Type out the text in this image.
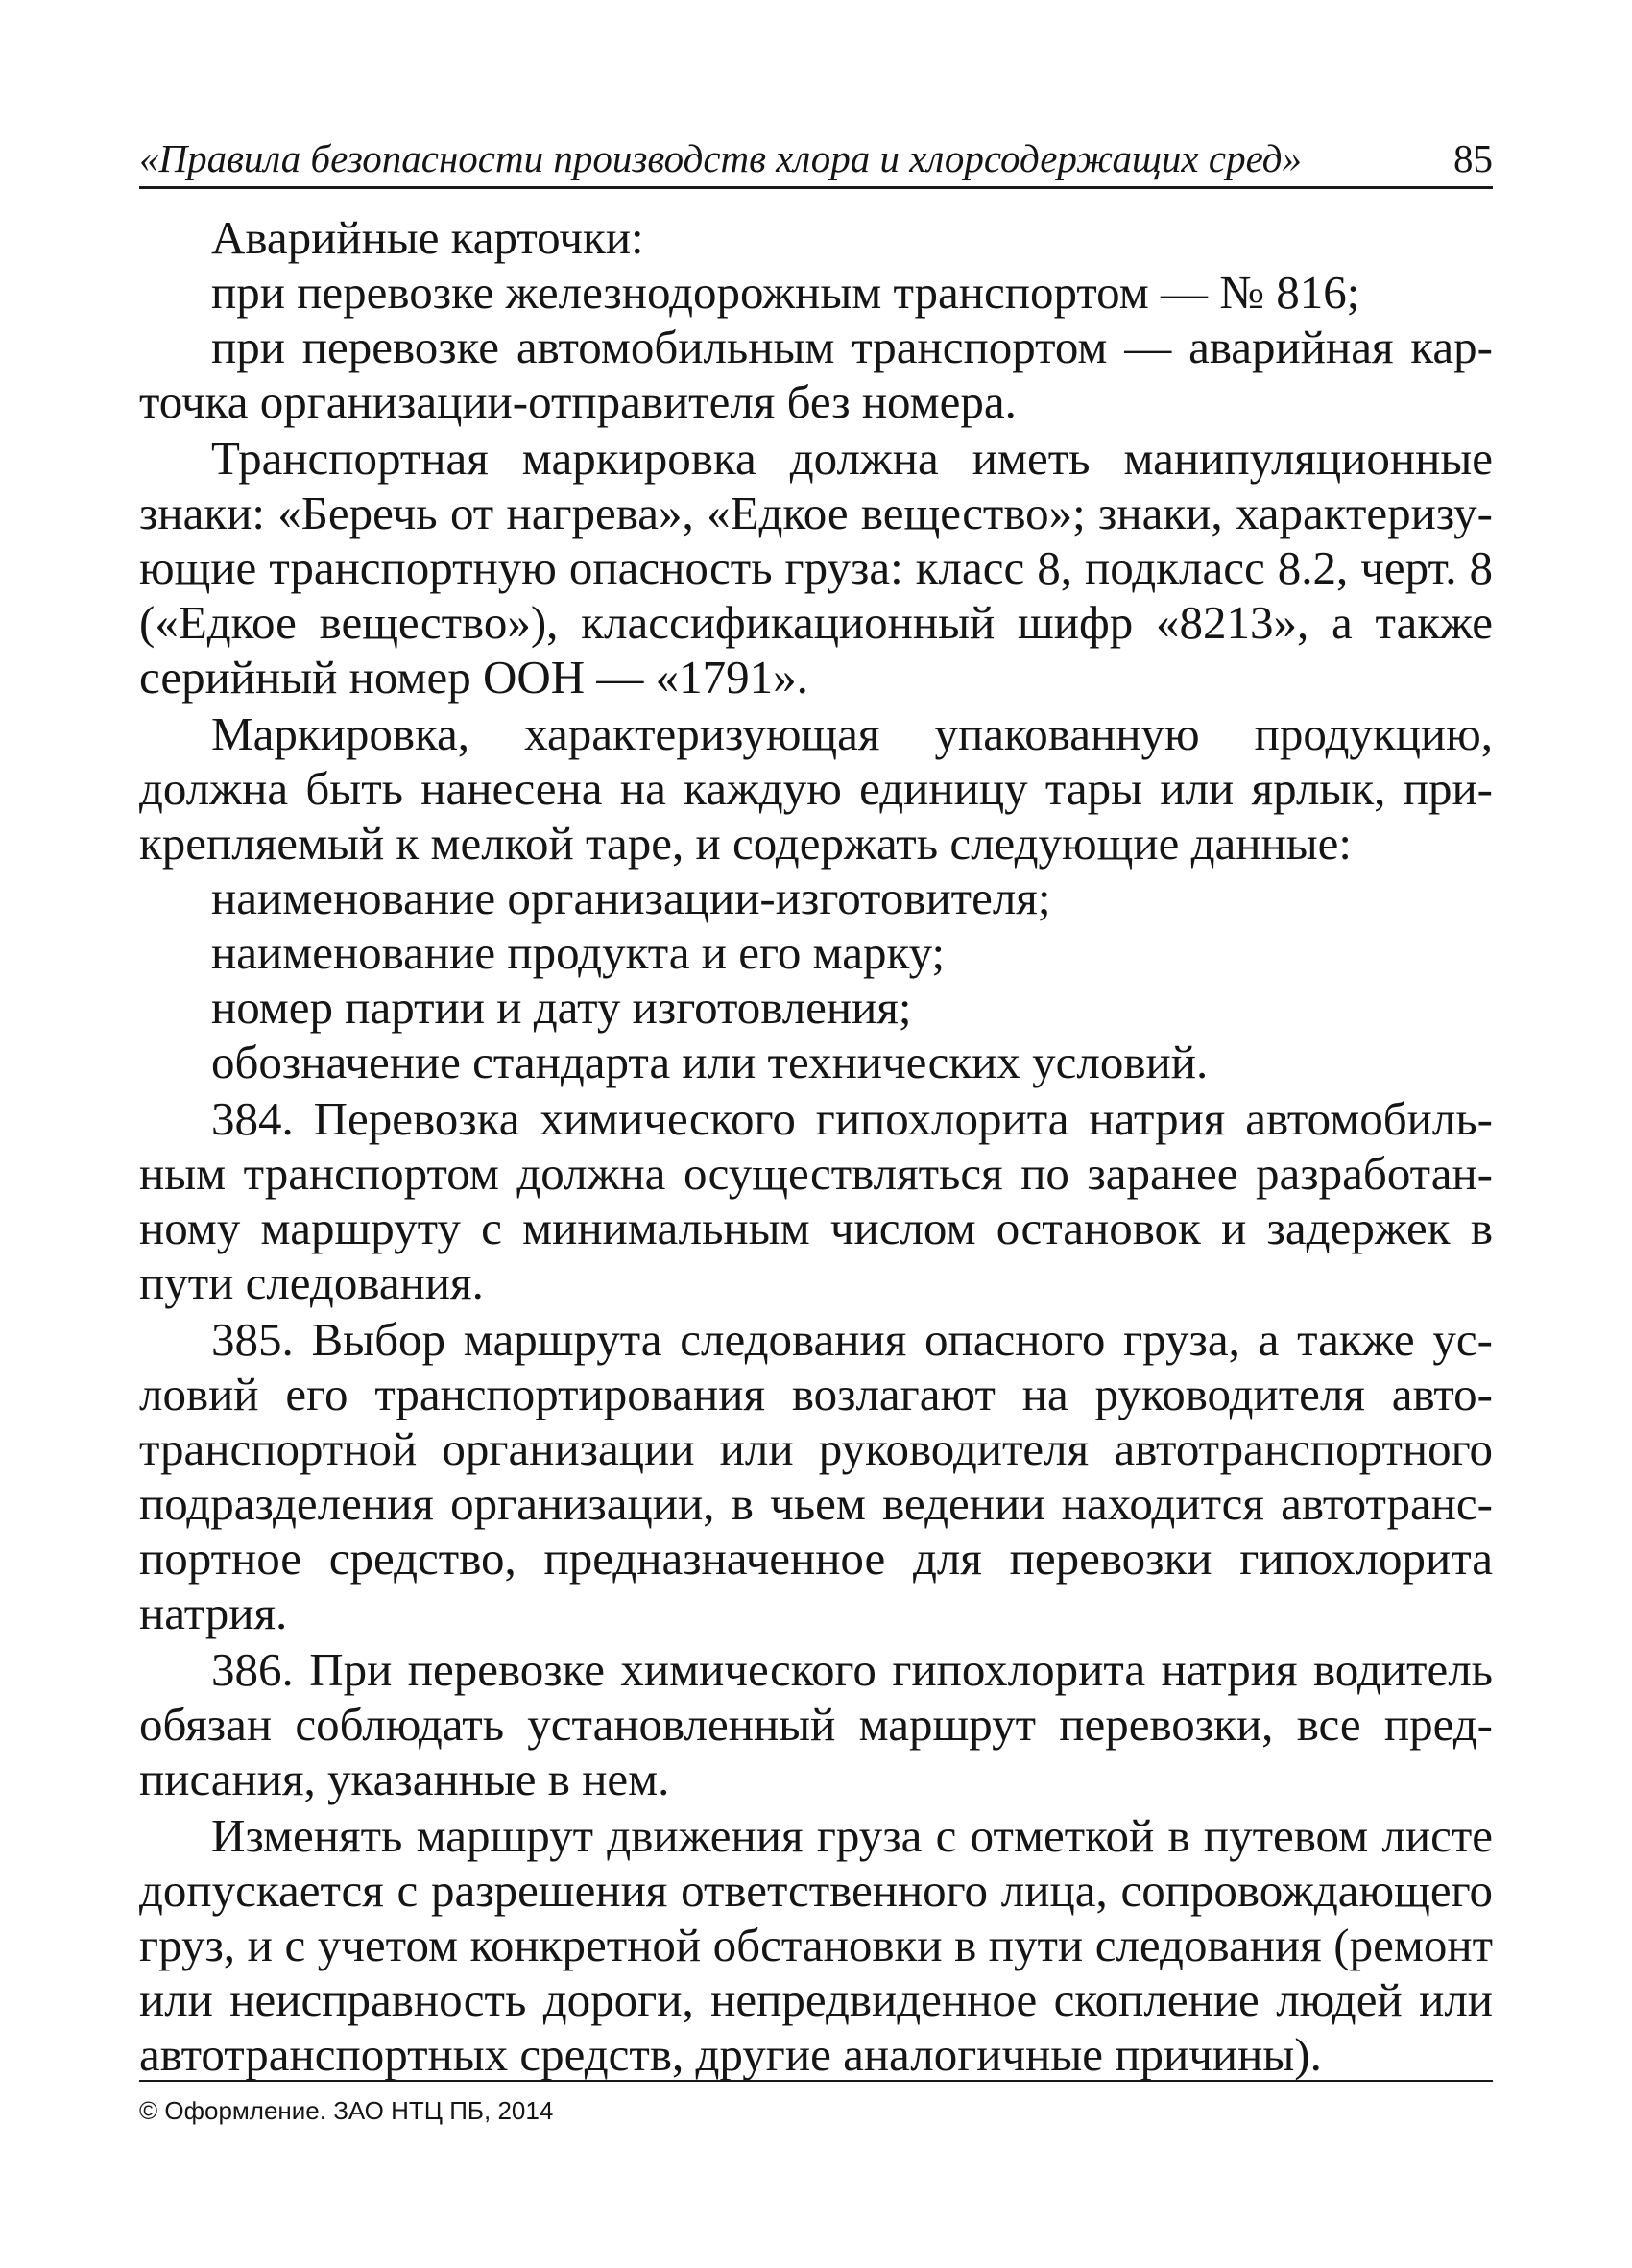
«Правила безопасности производств хлора и хлорсодержащих сред»	85

Аварийные карточки:

при перевозке железнодорожным транспортом — № 816;

при перевозке автомобильным транспортом — аварийная карточка организации-отправителя без номера.

Транспортная маркировка должна иметь манипуляционные знаки: «Беречь от нагрева», «Едкое вещество»; знаки, характеризующие транспортную опасность груза: класс 8, подкласс 8.2, черт. 8 («Едкое вещество»), классификационный шифр «8213», а также серийный номер ООН — «1791».

Маркировка, характеризующая упакованную продукцию, должна быть нанесена на каждую единицу тары или ярлык, прикрепляемый к мелкой таре, и содержать следующие данные:

наименование организации-изготовителя;

наименование продукта и его марку;

номер партии и дату изготовления;

обозначение стандарта или технических условий.

384. Перевозка химического гипохлорита натрия автомобильным транспортом должна осуществляться по заранее разработанному маршруту с минимальным числом остановок и задержек в пути следования.

385. Выбор маршрута следования опасного груза, а также условий его транспортирования возлагают на руководителя автотранспортной организации или руководителя автотранспортного подразделения организации, в чьем ведении находится автотранспортное средство, предназначенное для перевозки гипохлорита натрия.

386. При перевозке химического гипохлорита натрия водитель обязан соблюдать установленный маршрут перевозки, все предписания, указанные в нем.

Изменять маршрут движения груза с отметкой в путевом листе допускается с разрешения ответственного лица, сопровождающего груз, и с учетом конкретной обстановки в пути следования (ремонт или неисправность дороги, непредвиденное скопление людей или автотранспортных средств, другие аналогичные причины).

© Оформление. ЗАО НТЦ ПБ, 2014
